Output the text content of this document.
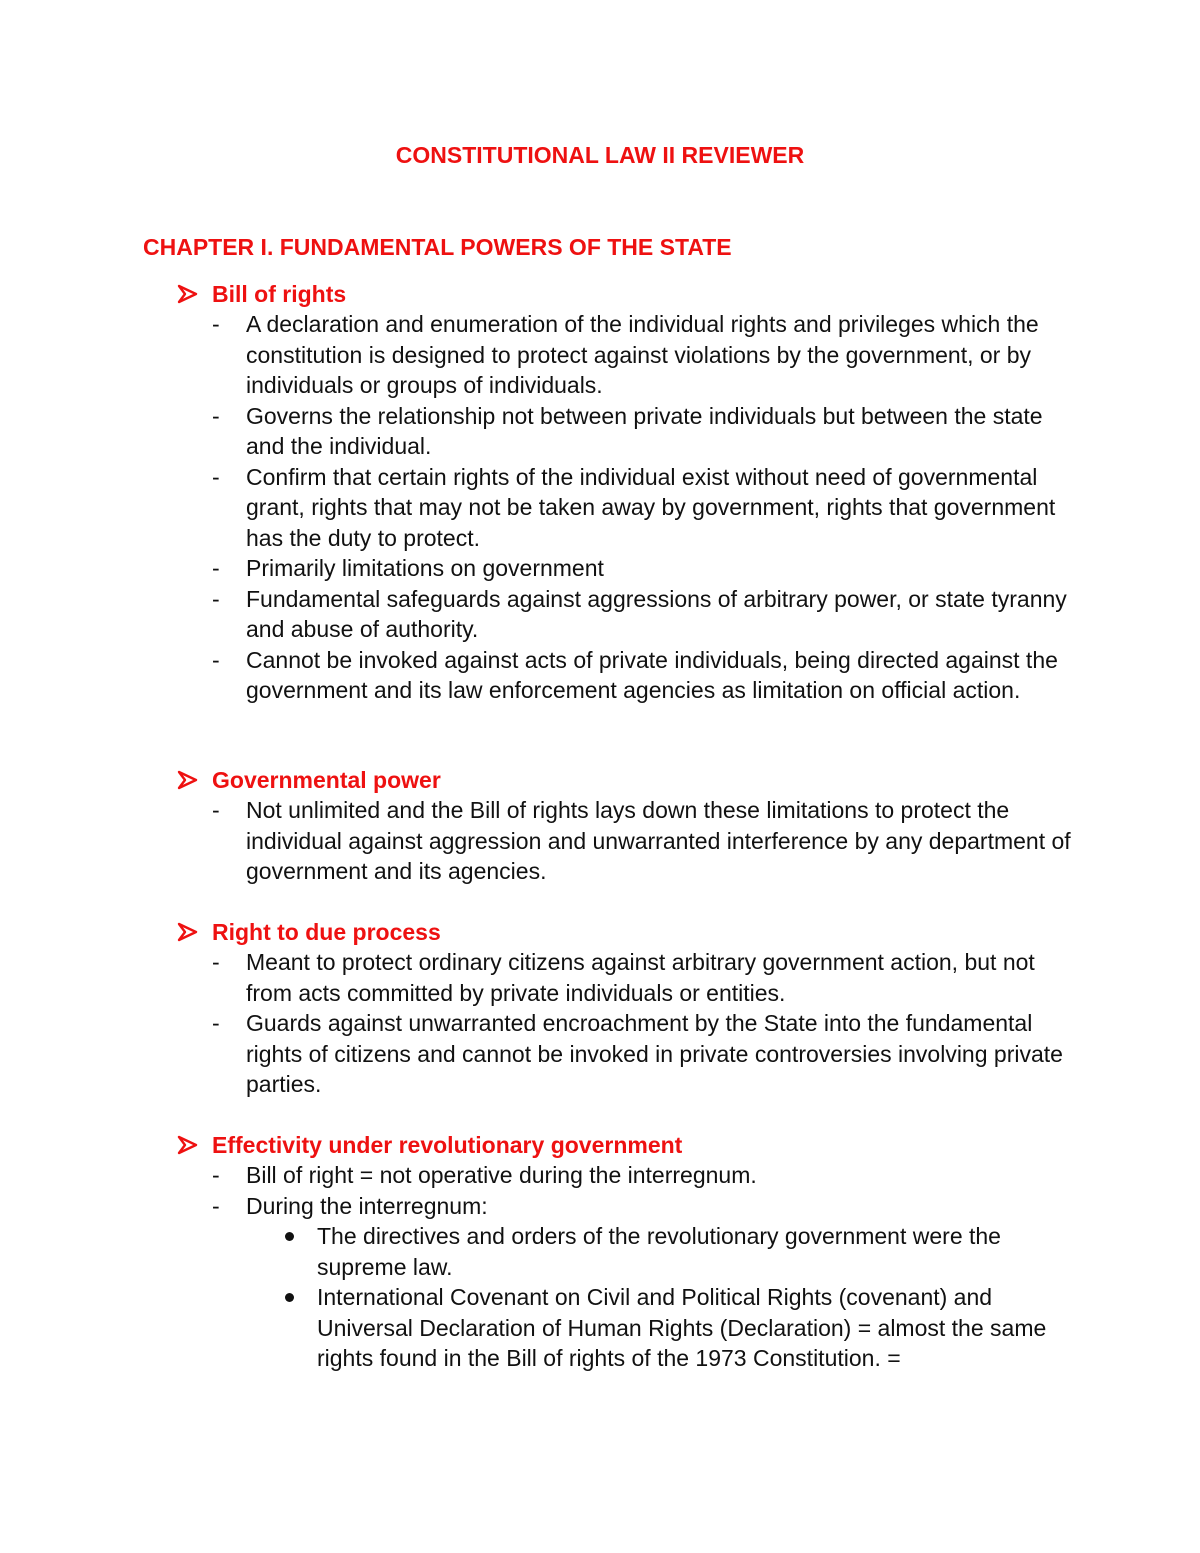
CONSTITUTIONAL LAW II REVIEWER
CHAPTER I. FUNDAMENTAL POWERS OF THE STATE
Bill of rights
- A declaration and enumeration of the individual rights and privileges which the constitution is designed to protect against violations by the government, or by individuals or groups of individuals.
- Governs the relationship not between private individuals but between the state and the individual.
- Confirm that certain rights of the individual exist without need of governmental grant, rights that may not be taken away by government, rights that government has the duty to protect.
- Primarily limitations on government
- Fundamental safeguards against aggressions of arbitrary power, or state tyranny and abuse of authority.
- Cannot be invoked against acts of private individuals, being directed against the government and its law enforcement agencies as limitation on official action.
Governmental power
- Not unlimited and the Bill of rights lays down these limitations to protect the individual against aggression and unwarranted interference by any department of government and its agencies.
Right to due process
- Meant to protect ordinary citizens against arbitrary government action, but not from acts committed by private individuals or entities.
- Guards against unwarranted encroachment by the State into the fundamental rights of citizens and cannot be invoked in private controversies involving private parties.
Effectivity under revolutionary government
- Bill of right = not operative during the interregnum.
- During the interregnum:
The directives and orders of the revolutionary government were the supreme law.
International Covenant on Civil and Political Rights (covenant) and Universal Declaration of Human Rights (Declaration) = almost the same rights found in the Bill of rights of the 1973 Constitution. =
